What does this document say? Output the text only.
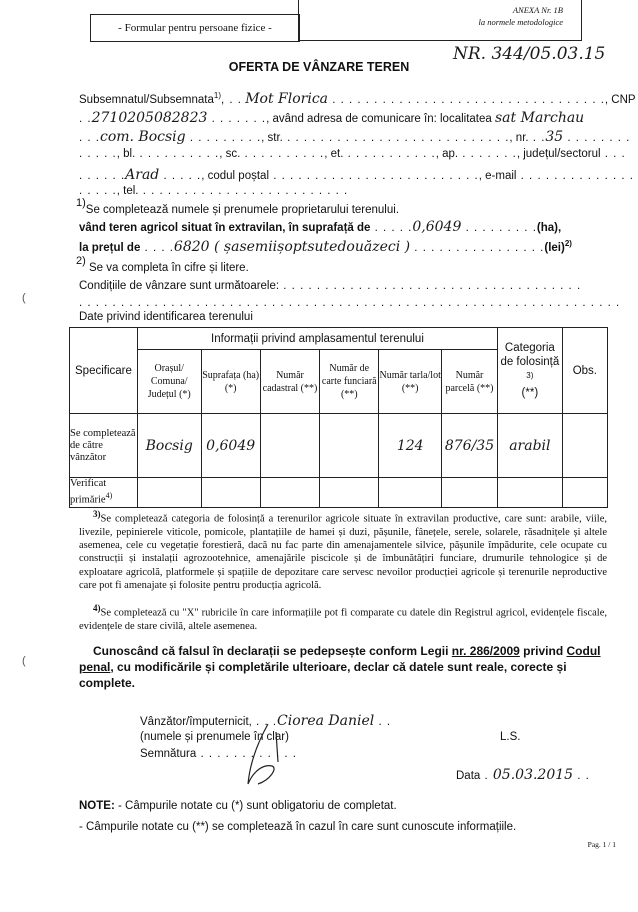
- Formular pentru persoane fizice -
ANEXA Nr. 1B
la normele metodologice
NR. 344/05.03.15
OFERTA DE VÂNZARE TEREN
Subsemnatul/Subsemnata$^{1)}$, . . Mot Florica . . . . . . . . . . . . . . . . . . . . . . . . . . . . . . . . ., CNP
. .2710205082823 . . . . . . ., având adresa de comunicare în: localitatea sat Marchau
. . .com. Bocsig . . . . . . . . ., str. . . . . . . . . . . . . . . . . . . . . . . . . . . ., nr. . .35 . . . . . . . .
. . . . ., bl. . . . . . . . . . ., sc. . . . . . . . . . ., et. . . . . . . . . . . ., ap. . . . . . . ., județul/sectorul . . .
. . . . . .Arad . . . . ., codul poștal . . . . . . . . . . . . . . . . . . . . . . . . ., e-mail . . . . . . . . . . . . . .
. . . . ., tel. . . . . . . . . . . . . . . . . . . . . . . . . .
$^{1)}$Se completează numele și prenumele proprietarului terenului.
vând teren agricol situat în extravilan, în suprafață de . . . . .0,6049 . . . . . . . . .(ha),
la prețul de . . . .6820 ( șasemiișoptsutedouăzeci ) . . . . . . . . . . . . . . . .(lei)$^{2)}$
$^{2)}$ Se va completa în cifre și litere.
Condițiile de vânzare sunt următoarele: . . . . . . . . . . . . . . . . . . . . . . . . . . . . . . . . . . . .
. . . . . . . . . . . . . . . . . . . . . . . . . . . . . . . . . . . . . . . . . . . . . . . . . . . . . . . . . . . . . . . . .
Date privind identificarea terenului
Specificare	Informații privind amplasamentul terenului						Categoria de folosință $^{3)}$
(**)	Obs.
	Orașul/ Comuna/ Județul (*)	Suprafața (ha) (*)	Număr cadastral (**)	Număr de carte funciară (**)	Număr tarla/lot (**)	Număr parcelă (**)		
Se completează de către vânzător	Bocsig	0,6049			124	876/35	arabil	
Verificat primărie$^{4)}$								
$^{3)}$Se completează categoria de folosință a terenurilor agricole situate în extravilan productive, care sunt: arabile, viile, livezile, pepinierele viticole, pomicole, plantațiile de hamei și duzi, pășunile, fânețele, serele, solarele, răsadnițele și altele asemenea, cele cu vegetație forestieră, dacă nu fac parte din amenajamentele silvice, pășunile împădurite, cele ocupate cu construcții și instalații agrozootehnice, amenajările piscicole și de îmbunătățiri funciare, drumurile tehnologice și de exploatare agricolă, platformele și spațiile de depozitare care servesc nevoilor producției agricole și terenurile neproductive care pot fi amenajate și folosite pentru producția agricolă.
$^{4)}$Se completează cu "X" rubricile în care informațiile pot fi comparate cu datele din Registrul agricol, evidențele fiscale, evidențele de stare civilă, altele asemenea.
Cunoscând că falsul în declarații se pedepsește conform Legii nr. 286/2009 privind Codul penal, cu modificările și completările ulterioare, declar că datele sunt reale, corecte și complete.
Vânzător/împuternicit, . . .Ciorea Daniel . .
(numele și prenumele în clar)
Semnătura . . . . . . . . . . . .
L.S.
Data . 05.03.2015 . .
NOTE: - Câmpurile notate cu (*) sunt obligatoriu de completat.
- Câmpurile notate cu (**) se completează în cazul în care sunt cunoscute informațiile.
Pag. 1 / 1
(
(
